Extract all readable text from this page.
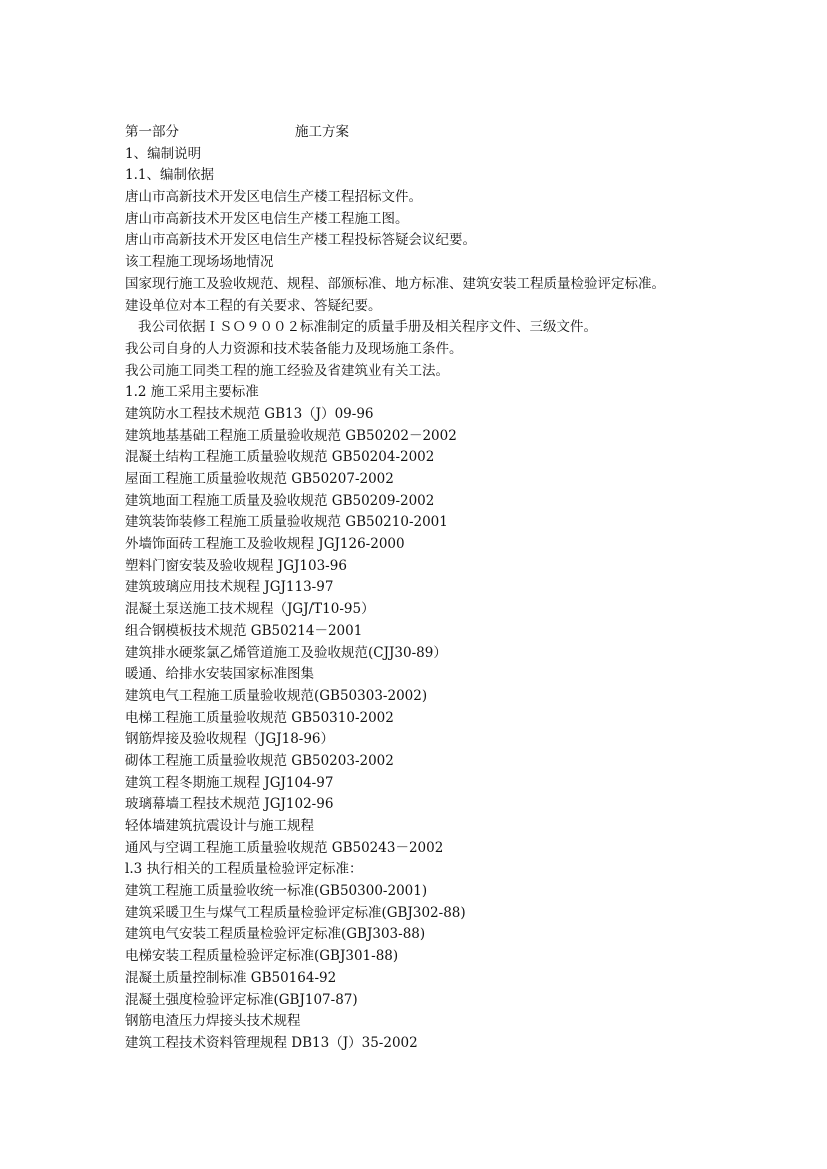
第一部分	施工方案

1、编制说明

1.1、编制依据

唐山市高新技术开发区电信生产楼工程招标文件。

唐山市高新技术开发区电信生产楼工程施工图。

唐山市高新技术开发区电信生产楼工程投标答疑会议纪要。

该工程施工现场场地情况

国家现行施工及验收规范、规程、部颁标准、地方标准、建筑安装工程质量检验评定标准。

建设单位对本工程的有关要求、答疑纪要。

我公司依据ＩＳＯ９００２标准制定的质量手册及相关程序文件、三级文件。

我公司自身的人力资源和技术装备能力及现场施工条件。

我公司施工同类工程的施工经验及省建筑业有关工法。

1.2 施工采用主要标准

建筑防水工程技术规范 GB13（J）09-96

建筑地基基础工程施工质量验收规范 GB50202－2002

混凝土结构工程施工质量验收规范 GB50204-2002

屋面工程施工质量验收规范 GB50207-2002

建筑地面工程施工质量及验收规范 GB50209-2002

建筑装饰装修工程施工质量验收规范 GB50210-2001

外墙饰面砖工程施工及验收规程 JGJ126-2000

塑料门窗安装及验收规程 JGJ103-96

建筑玻璃应用技术规程 JGJ113-97

混凝土泵送施工技术规程（JGJ/T10-95）

组合钢模板技术规范 GB50214－2001

建筑排水硬浆氯乙烯管道施工及验收规范(CJJ30-89）

暖通、给排水安装国家标准图集

建筑电气工程施工质量验收规范(GB50303-2002)

电梯工程施工质量验收规范 GB50310-2002

钢筋焊接及验收规程（JGJ18-96）

砌体工程施工质量验收规范 GB50203-2002

建筑工程冬期施工规程 JGJ104-97

玻璃幕墙工程技术规范 JGJ102-96

轻体墙建筑抗震设计与施工规程

通风与空调工程施工质量验收规范 GB50243－2002

l.3 执行相关的工程质量检验评定标准：

建筑工程施工质量验收统一标准(GB50300-2001)

建筑采暖卫生与煤气工程质量检验评定标准(GBJ302-88)

建筑电气安装工程质量检验评定标准(GBJ303-88)

电梯安装工程质量检验评定标准(GBJ301-88)

混凝土质量控制标准 GB50164-92

混凝土强度检验评定标准(GBJ107-87)

钢筋电渣压力焊接头技术规程

建筑工程技术资料管理规程 DB13（J）35-2002
